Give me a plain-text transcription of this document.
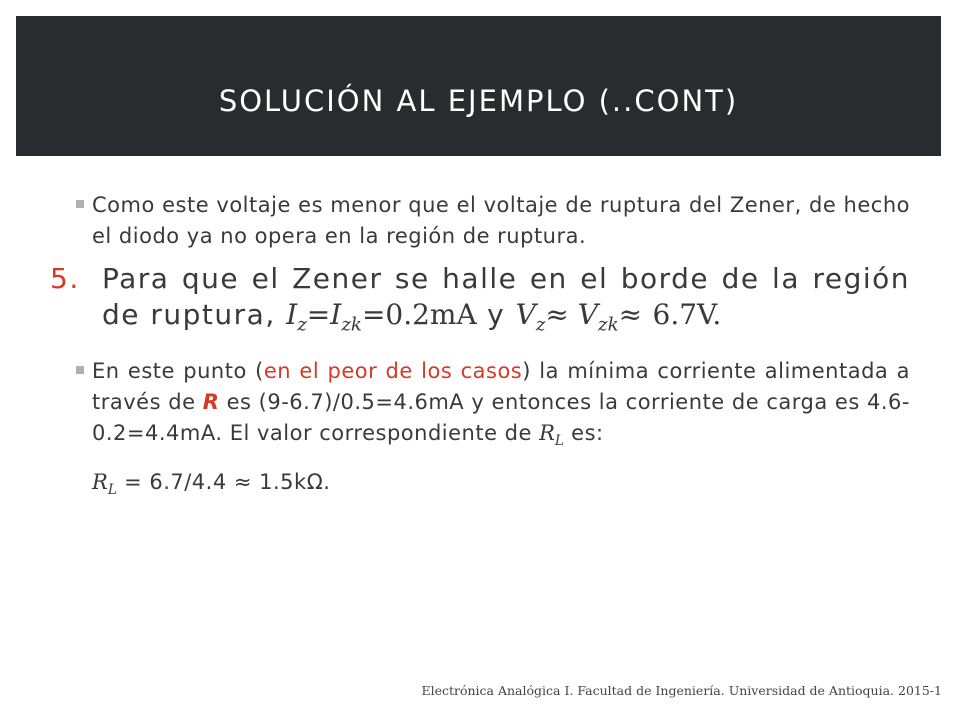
SOLUCIÓN AL EJEMPLO (..CONT)
Como este voltaje es menor que el voltaje de ruptura del Zener, de hecho el diodo ya no opera en la región de ruptura.
5. Para que el Zener se halle en el borde de la región de ruptura, $I_z=I_{zk}=0.2mA$ y $V_z\approx V_{zk}\approx 6.7V$.
En este punto (en el peor de los casos) la mínima corriente alimentada a través de R es (9-6.7)/0.5=4.6mA y entonces la corriente de carga es 4.6-0.2=4.4mA. El valor correspondiente de $R_L$ es:
$R_L = 6.7/4.4 \approx 1.5k\Omega$.
Electrónica Analógica I. Facultad de Ingeniería. Universidad de Antioquia. 2015-1
